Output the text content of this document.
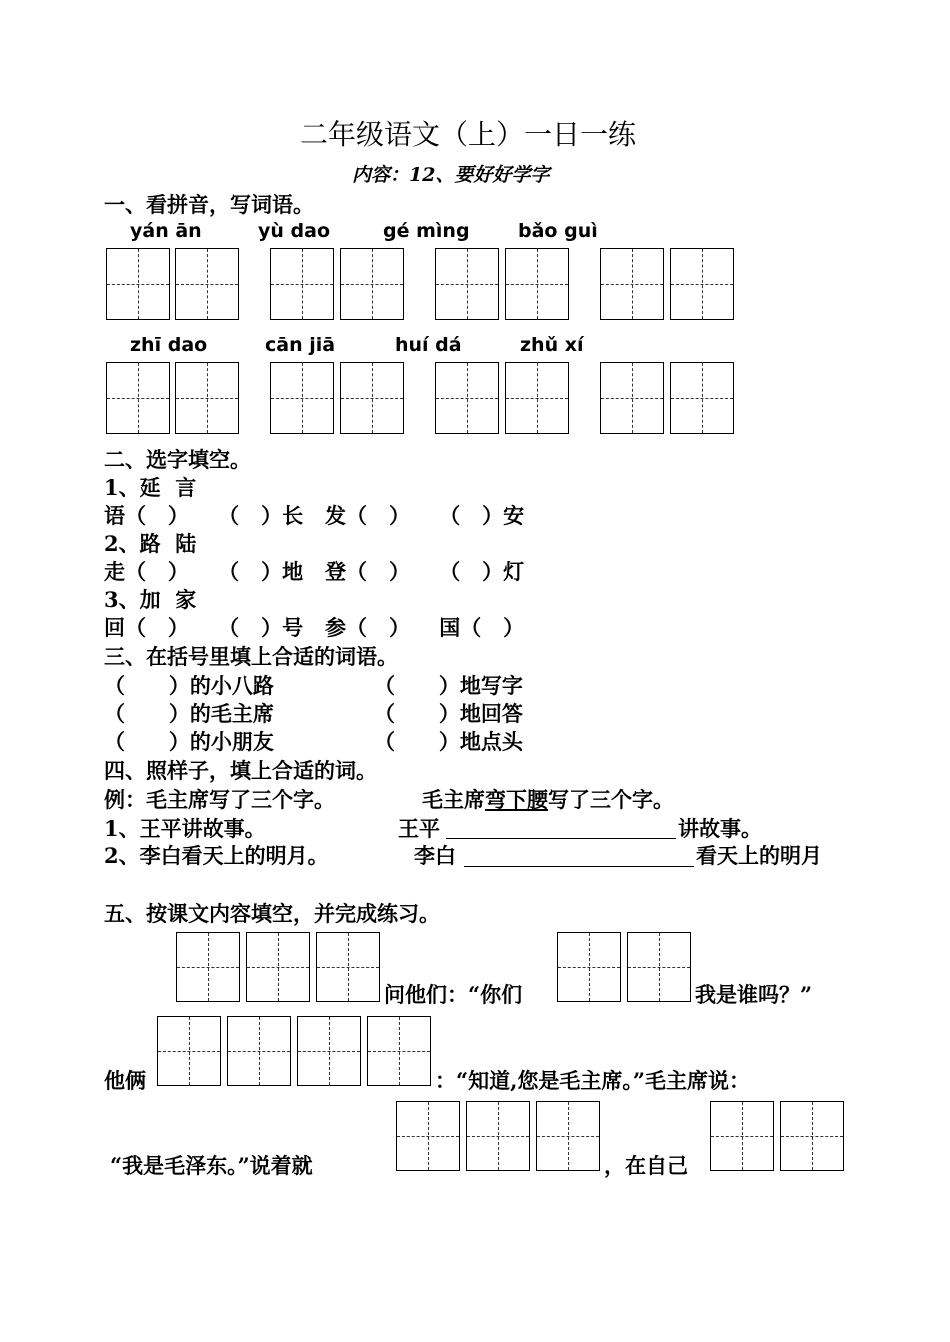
二年级语文（上）一日一练
内容：12、要好好学字
一、看拼音，写词语。
yán ān	yù dao	gé mìng	bǎo guì
zhī dao	cān jiā	huí dá	zhǔ xí
二、选字填空。
1、延  言
语（   ）    （   ）长   发（   ）    （   ）安
2、路  陆
走（   ）    （   ）地   登（   ）    （   ）灯
3、加  家
回（   ）    （   ）号   参（   ）    国（   ）
三、在括号里填上合适的词语。
（      ）的小八路	（      ）地写字
（      ）的毛主席	（      ）地回答
（      ）的小朋友	（      ）地点头
四、照样子，填上合适的词。
例：毛主席写了三个字。	毛主席弯下腰写了三个字。
1、王平讲故事。	王平	讲故事。
2、李白看天上的明月。	李白	看天上的明月
五、按课文内容填空，并完成练习。
问他们：“你们	我是谁吗？”
他俩	：“知道,您是毛主席。”毛主席说：
“我是毛泽东。”说着就	，在自己
